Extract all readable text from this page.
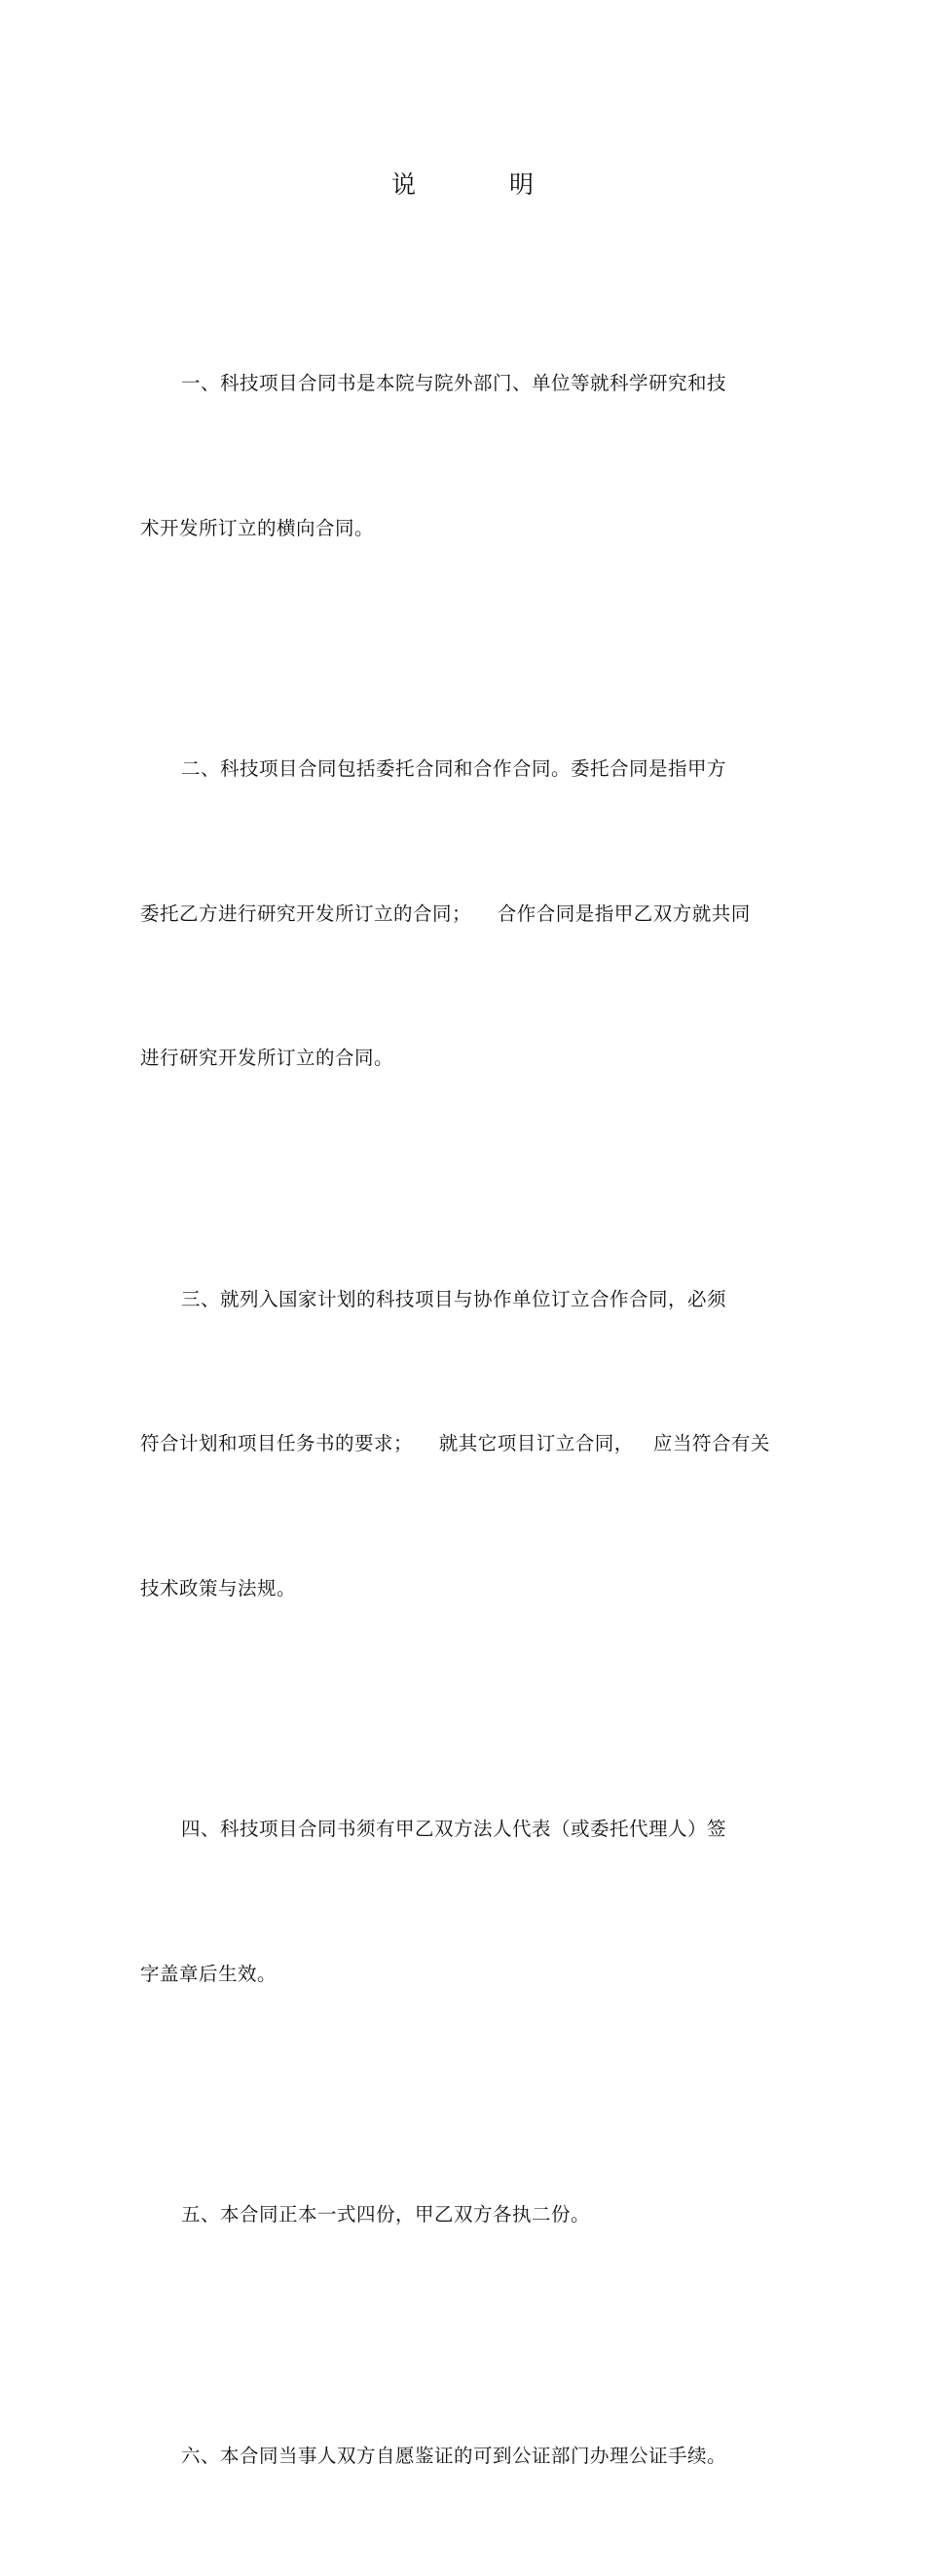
说 明

一、科技项目合同书是本院与院外部门、单位等就科学研究和技

术开发所订立的横向合同。

二、科技项目合同包括委托合同和合作合同。委托合同是指甲方

委托乙方进行研究开发所订立的合同；    合作合同是指甲乙双方就共同

进行研究开发所订立的合同。

三、就列入国家计划的科技项目与协作单位订立合作合同，必须

符合计划和项目任务书的要求；    就其它项目订立合同，   应当符合有关

技术政策与法规。

四、科技项目合同书须有甲乙双方法人代表（或委托代理人）签

字盖章后生效。

五、本合同正本一式四份，甲乙双方各执二份。

六、本合同当事人双方自愿鉴证的可到公证部门办理公证手续。
